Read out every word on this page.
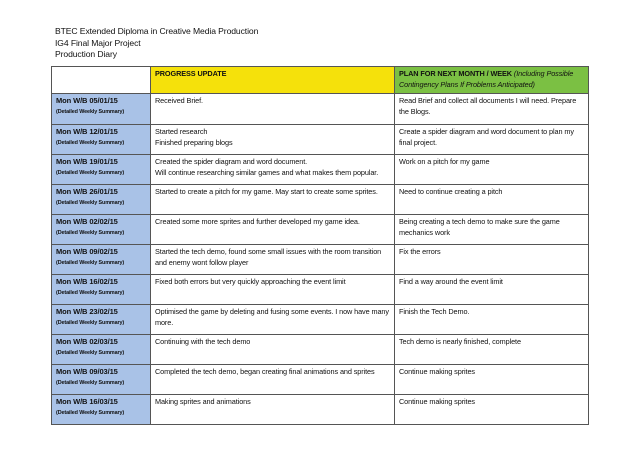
BTEC Extended Diploma in Creative Media Production
IG4 Final Major Project
Production Diary
	PROGRESS UPDATE	PLAN FOR NEXT MONTH / WEEK (Including Possible Contingency Plans If Problems Anticipated)

Mon W/B 05/01/15
(Detailed Weekly Summary)	Received Brief.	Read Brief and collect all documents I will need. Prepare the Blogs.

Mon W/B 12/01/15
(Detailed Weekly Summary)	Started research
Finished preparing blogs	Create a spider diagram and word document to plan my final project.

Mon W/B 19/01/15
(Detailed Weekly Summary)	Created the spider diagram and word document.
Will continue researching similar games and what makes them popular.	Work on a pitch for my game

Mon W/B 26/01/15
(Detailed Weekly Summary)	Started to create a pitch for my game. May start to create some sprites.	Need to continue creating a pitch

Mon W/B 02/02/15
(Detailed Weekly Summary)	Created some more sprites and further developed my game idea.	Being creating a tech demo to make sure the game mechanics work

Mon W/B 09/02/15
(Detailed Weekly Summary)	Started the tech demo, found some small issues with the room transition and enemy wont follow player	Fix the errors

Mon W/B 16/02/15
(Detailed Weekly Summary)	Fixed both errors but very quickly approaching the event limit	Find a way around the event limit

Mon W/B 23/02/15
(Detailed Weekly Summary)	Optimised the game by deleting and fusing some events. I now have many more.	Finish the Tech Demo.

Mon W/B 02/03/15
(Detailed Weekly Summary)	Continuing with the tech demo	Tech demo is nearly finished, complete

Mon W/B 09/03/15
(Detailed Weekly Summary)	Completed the tech demo, began creating final animations and sprites	Continue making sprites

Mon W/B 16/03/15
(Detailed Weekly Summary)	Making sprites and animations	Continue making sprites
